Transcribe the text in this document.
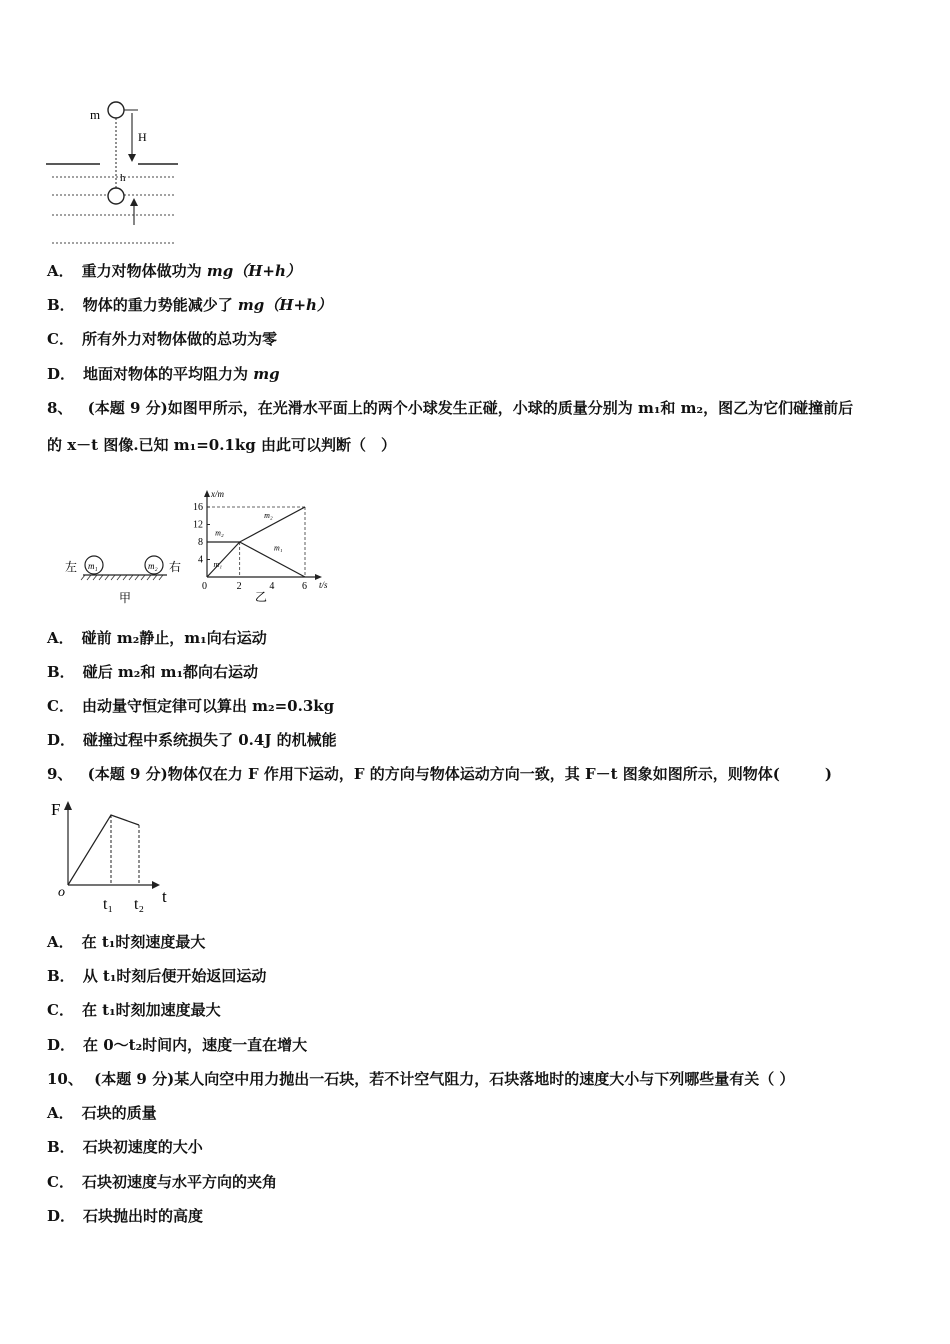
m
H
h
A． 重力对物体做功为 mg（H+h）
B． 物体的重力势能减少了 mg（H+h）
C． 所有外力对物体做的总功为零
D． 地面对物体的平均阻力为 mg
8、 (本题 9 分)如图甲所示，在光滑水平面上的两个小球发生正碰，小球的质量分别为 m₁和 m₂，图乙为它们碰撞前后
的 x－t 图像.已知 m₁=0.1kg 由此可以判断（　）
左 m₁	m₂ 右
甲
x/m
t/s
4
8
12
16
0	2	4	6
m₁
m₂
m₂
m₁
乙
A． 碰前 m₂静止，m₁向右运动
B． 碰后 m₂和 m₁都向右运动
C． 由动量守恒定律可以算出 m₂=0.3kg
D． 碰撞过程中系统损失了 0.4J 的机械能
9、 (本题 9 分)物体仅在力 F 作用下运动，F 的方向与物体运动方向一致，其 F－t 图象如图所示，则物体(　　　)
F
t
o
t₁ t₂
A． 在 t₁时刻速度最大
B． 从 t₁时刻后便开始返回运动
C． 在 t₁时刻加速度最大
D． 在 0～t₂时间内，速度一直在增大
10、 (本题 9 分)某人向空中用力抛出一石块，若不计空气阻力，石块落地时的速度大小与下列哪些量有关（ ）
A． 石块的质量
B． 石块初速度的大小
C． 石块初速度与水平方向的夹角
D． 石块抛出时的高度
